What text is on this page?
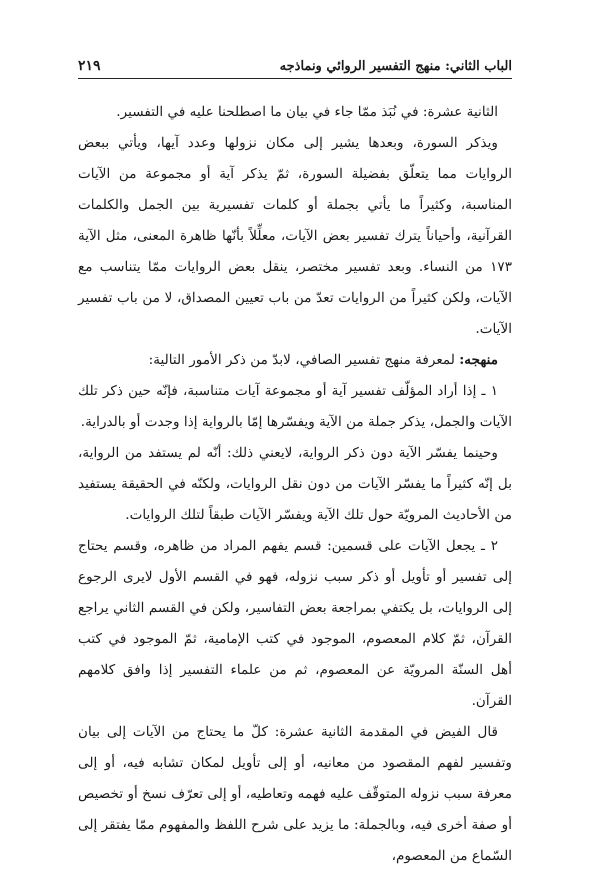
الباب الثاني: منهج التفسير الروائي ونماذجه
٢١٩

الثانية عشرة: في نُبَذ ممّا جاء في بيان ما اصطلحنا عليه في التفسير.

ويذكر السورة، وبعدها يشير إلى مكان نزولها وعدد آيها، ويأتي ببعض الروايات مما يتعلّق بفضيلة السورة، ثمّ يذكر آية أو مجموعة من الآيات المناسبة، وكثيراً ما يأتي بجملة أو كلمات تفسيرية بين الجمل والكلمات القرآنية، وأحياناً يترك تفسير بعض الآيات، معلِّلاً بأنّها ظاهرة المعنى، مثل الآية ١٧٣ من النساء. وبعد تفسير مختصر، ينقل بعض الروايات ممّا يتناسب مع الآيات، ولكن كثيراً من الروايات تعدّ من باب تعيين المصداق، لا من باب تفسير الآيات.

منهجه: لمعرفة منهج تفسير الصافي، لابدّ من ذكر الأمور التالية:

١ ـ إذا أراد المؤلّف تفسير آية أو مجموعة آيات متناسبة، فإنّه حين ذكر تلك الآيات والجمل، يذكر جملة من الآية ويفسّرها إمّا بالرواية إذا وجدت أو بالدراية.

وحينما يفسّر الآية دون ذكر الرواية، لايعني ذلك: أنّه لم يستفد من الرواية، بل إنّه كثيراً ما يفسّر الآيات من دون نقل الروايات، ولكنّه في الحقيقة يستفيد من الأحاديث المرويّة حول تلك الآية ويفسّر الآيات طبقاً لتلك الروايات.

٢ ـ يجعل الآيات على قسمين: قسم يفهم المراد من ظاهره، وقسم يحتاج إلى تفسير أو تأويل أو ذكر سبب نزوله، فهو في القسم الأول لايرى الرجوع إلى الروايات، بل يكتفي بمراجعة بعض التفاسير، ولكن في القسم الثاني يراجع القرآن، ثمّ كلام المعصوم، الموجود في كتب الإمامية، ثمّ الموجود في كتب أهل السنّة المرويّة عن المعصوم، ثم من علماء التفسير إذا وافق كلامهم القرآن.

قال الفيض في المقدمة الثانية عشرة: كلّ ما يحتاج من الآيات إلى بيان وتفسير لفهم المقصود من معانيه، أو إلى تأويل لمكان تشابه فيه، أو إلى معرفة سبب نزوله المتوقّف عليه فهمه وتعاطيه، أو إلى تعرّف نسخ أو تخصيص أو صفة أخرى فيه، وبالجملة: ما يزيد على شرح اللفظ والمفهوم ممّا يفتقر إلى السّماع من المعصوم،
